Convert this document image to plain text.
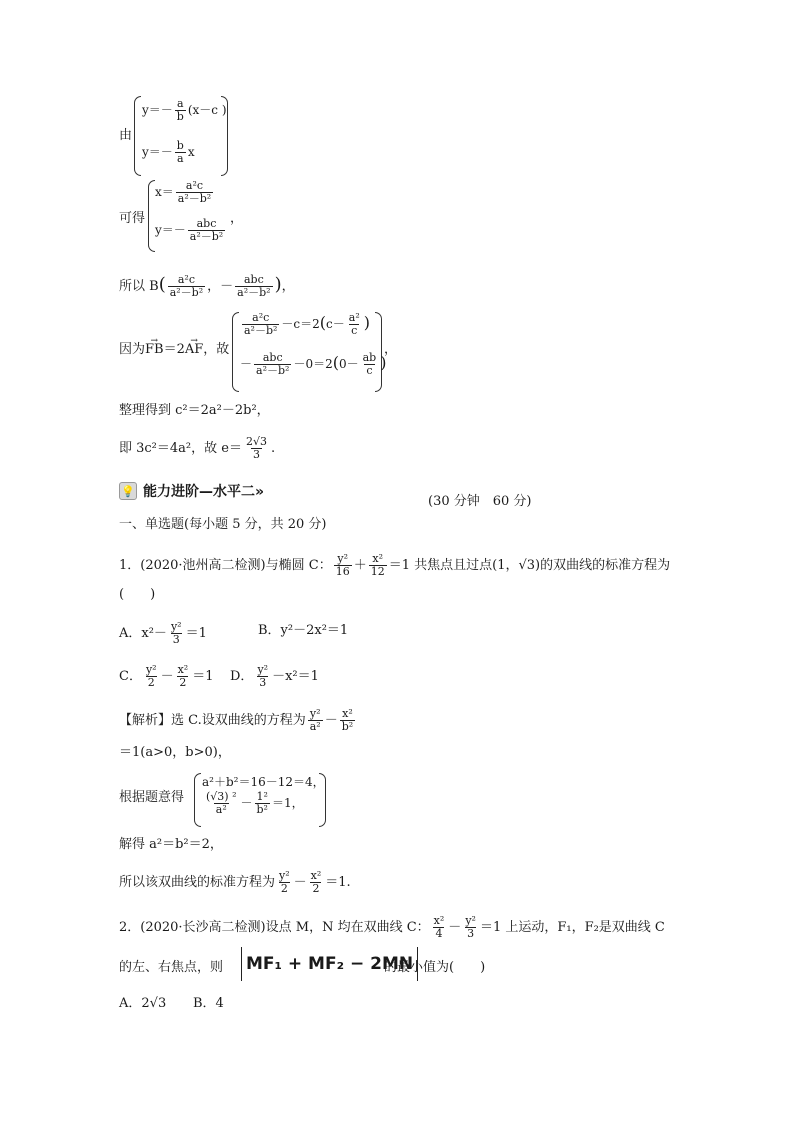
由
$y=- \frac{a}{b} (x-c$ )
$y=- \frac{b}{a}$ x
可得
$x= \frac{\text{a²c}}{\text{a²－b²}}$
$y=- \frac{\text{abc}}{\text{a²－b²}}$ ，
所以 $B( \frac{\text{a²c}}{\text{a²－b²}}$ ，－ $\frac{\text{abc}}{\text{a²－b²}}$ )，
因为→ FB＝2→ AF，故
$\frac{\text{a²c}}{\text{a²－b²}} -c=2(c- \frac{\text{a²}}{c}$ )
－ $\frac{\text{abc}}{\text{a²－b²}} -0=2(0- \frac{ab}{c}$ )
，
整理得到 c²＝2a²－2b²，
即 3c²＝4a²，故 $e= \frac{2√3}{3}$ .
💡 能力进阶—水平二»
(30 分钟　60 分)
一、单选题(每小题 5 分，共 20 分)
1．(2020·池州高二检测)与椭圆 C： $\frac{\text{y²}}{16} + \frac{\text{x²}}{12} =1$ 共焦点且过点(1，√3)的双曲线的标准方程为
(　　)
A．$x^2- \frac{\text{y²}}{3} =1$	B．y²－2x²＝1
C． $\frac{\text{y²}}{2} - \frac{\text{x²}}{2} =1$ D． $\frac{\text{y²}}{3} -x^2=1$
【解析】选 C.设双曲线的方程为 $\frac{\text{y²}}{\text{a²}} - \frac{\text{x²}}{\text{b²}}$
＝1(a>0，b>0)，
根据题意得
a²＋b²＝16－12＝4，
$\frac{\text{(√3) ²}}{\text{a²}} - \frac{\text{1²}}{\text{b²}} =1$，
解得 a²＝b²＝2，
所以该双曲线的标准方程为 $\frac{\text{y²}}{2} - \frac{\text{x²}}{2} =1$.
2．(2020·长沙高二检测)设点 M，N 均在双曲线 C： $\frac{\text{x²}}{4} - \frac{\text{y²}}{3} =1$ 上运动，F₁，F₂是双曲线 C
的左、右焦点，则 MF₁ + MF₂ − 2MN
的最小值为(　　)
A．2√3 B．4
